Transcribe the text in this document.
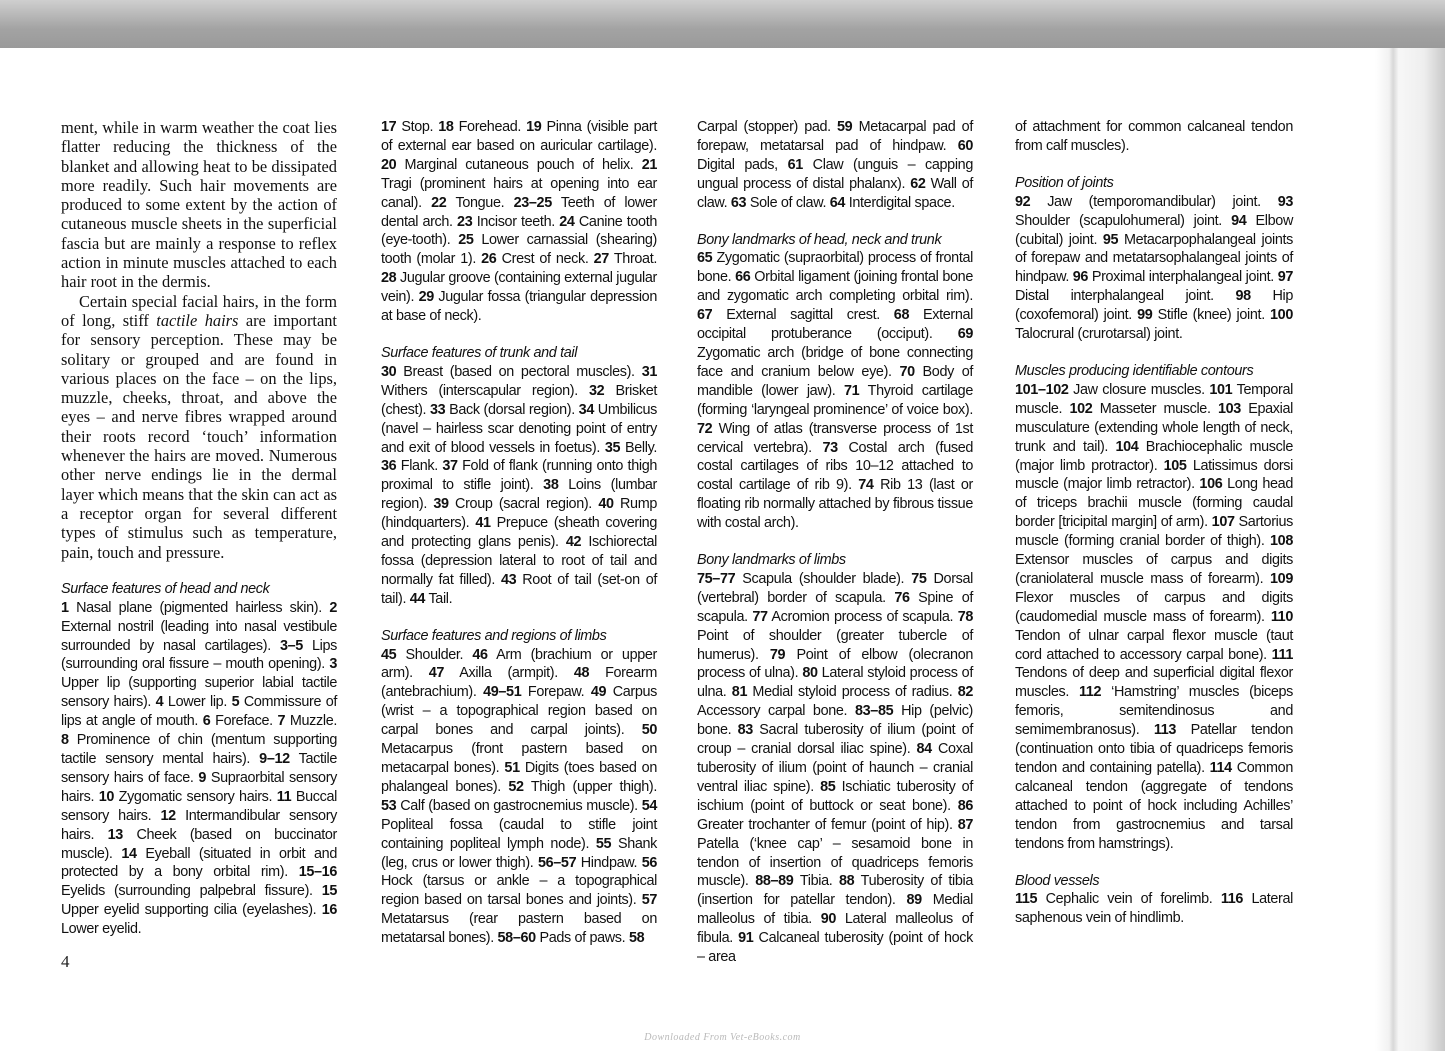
ment, while in warm weather the coat lies flatter reducing the thickness of the blanket and allowing heat to be dissipated more readily. Such hair movements are produced to some extent by the action of cutaneous muscle sheets in the superficial fascia but are mainly a response to reflex action in minute muscles attached to each hair root in the dermis.

Certain special facial hairs, in the form of long, stiff tactile hairs are important for sensory perception. These may be solitary or grouped and are found in various places on the face – on the lips, muzzle, cheeks, throat, and above the eyes – and nerve fibres wrapped around their roots record ‘touch’ information whenever the hairs are moved. Numerous other nerve endings lie in the dermal layer which means that the skin can act as a receptor organ for several different types of stimulus such as temperature, pain, touch and pressure.

Surface features of head and neck

1 Nasal plane (pigmented hairless skin). 2 External nostril (leading into nasal vestibule surrounded by nasal cartilages). 3–5 Lips (surrounding oral fissure – mouth opening). 3 Upper lip (supporting superior labial tactile sensory hairs). 4 Lower lip. 5 Commissure of lips at angle of mouth. 6 Foreface. 7 Muzzle. 8 Prominence of chin (mentum supporting tactile sensory mental hairs). 9–12 Tactile sensory hairs of face. 9 Supraorbital sensory hairs. 10 Zygomatic sensory hairs. 11 Buccal sensory hairs. 12 Intermandibular sensory hairs. 13 Cheek (based on buccinator muscle). 14 Eyeball (situated in orbit and protected by a bony orbital rim). 15–16 Eyelids (surrounding palpebral fissure). 15 Upper eyelid supporting cilia (eyelashes). 16 Lower eyelid.

17 Stop. 18 Forehead. 19 Pinna (visible part of external ear based on auricular cartilage). 20 Marginal cutaneous pouch of helix. 21 Tragi (prominent hairs at opening into ear canal). 22 Tongue. 23–25 Teeth of lower dental arch. 23 Incisor teeth. 24 Canine tooth (eye-tooth). 25 Lower carnassial (shearing) tooth (molar 1). 26 Crest of neck. 27 Throat. 28 Jugular groove (containing external jugular vein). 29 Jugular fossa (triangular depression at base of neck).

Surface features of trunk and tail

30 Breast (based on pectoral muscles). 31 Withers (interscapular region). 32 Brisket (chest). 33 Back (dorsal region). 34 Umbilicus (navel – hairless scar denoting point of entry and exit of blood vessels in foetus). 35 Belly. 36 Flank. 37 Fold of flank (running onto thigh proximal to stifle joint). 38 Loins (lumbar region). 39 Croup (sacral region). 40 Rump (hindquarters). 41 Prepuce (sheath covering and protecting glans penis). 42 Ischiorectal fossa (depression lateral to root of tail and normally fat filled). 43 Root of tail (set-on of tail). 44 Tail.

Surface features and regions of limbs

45 Shoulder. 46 Arm (brachium or upper arm). 47 Axilla (armpit). 48 Forearm (antebrachium). 49–51 Forepaw. 49 Carpus (wrist – a topographical region based on carpal bones and carpal joints). 50 Metacarpus (front pastern based on metacarpal bones). 51 Digits (toes based on phalangeal bones). 52 Thigh (upper thigh). 53 Calf (based on gastrocnemius muscle). 54 Popliteal fossa (caudal to stifle joint containing popliteal lymph node). 55 Shank (leg, crus or lower thigh). 56–57 Hindpaw. 56 Hock (tarsus or ankle – a topographical region based on tarsal bones and joints). 57 Metatarsus (rear pastern based on metatarsal bones). 58–60 Pads of paws. 58

Carpal (stopper) pad. 59 Metacarpal pad of forepaw, metatarsal pad of hindpaw. 60 Digital pads, 61 Claw (unguis – capping ungual process of distal phalanx). 62 Wall of claw. 63 Sole of claw. 64 Interdigital space.

Bony landmarks of head, neck and trunk

65 Zygomatic (supraorbital) process of frontal bone. 66 Orbital ligament (joining frontal bone and zygomatic arch completing orbital rim). 67 External sagittal crest. 68 External occipital protuberance (occiput). 69 Zygomatic arch (bridge of bone connecting face and cranium below eye). 70 Body of mandible (lower jaw). 71 Thyroid cartilage (forming ‘laryngeal prominence’ of voice box). 72 Wing of atlas (transverse process of 1st cervical vertebra). 73 Costal arch (fused costal cartilages of ribs 10–12 attached to costal cartilage of rib 9). 74 Rib 13 (last or floating rib normally attached by fibrous tissue with costal arch).

Bony landmarks of limbs

75–77 Scapula (shoulder blade). 75 Dorsal (vertebral) border of scapula. 76 Spine of scapula. 77 Acromion process of scapula. 78 Point of shoulder (greater tubercle of humerus). 79 Point of elbow (olecranon process of ulna). 80 Lateral styloid process of ulna. 81 Medial styloid process of radius. 82 Accessory carpal bone. 83–85 Hip (pelvic) bone. 83 Sacral tuberosity of ilium (point of croup – cranial dorsal iliac spine). 84 Coxal tuberosity of ilium (point of haunch – cranial ventral iliac spine). 85 Ischiatic tuberosity of ischium (point of buttock or seat bone). 86 Greater trochanter of femur (point of hip). 87 Patella (‘knee cap’ – sesamoid bone in tendon of insertion of quadriceps femoris muscle). 88–89 Tibia. 88 Tuberosity of tibia (insertion for patellar tendon). 89 Medial malleolus of tibia. 90 Lateral malleolus of fibula. 91 Calcaneal tuberosity (point of hock – area

of attachment for common calcaneal tendon from calf muscles).

Position of joints

92 Jaw (temporomandibular) joint. 93 Shoulder (scapulohumeral) joint. 94 Elbow (cubital) joint. 95 Metacarpophalangeal joints of forepaw and metatarsophalangeal joints of hindpaw. 96 Proximal interphalangeal joint. 97 Distal interphalangeal joint. 98 Hip (coxofemoral) joint. 99 Stifle (knee) joint. 100 Talocrural (crurotarsal) joint.

Muscles producing identifiable contours

101–102 Jaw closure muscles. 101 Temporal muscle. 102 Masseter muscle. 103 Epaxial musculature (extending whole length of neck, trunk and tail). 104 Brachiocephalic muscle (major limb protractor). 105 Latissimus dorsi muscle (major limb retractor). 106 Long head of triceps brachii muscle (forming caudal border [tricipital margin] of arm). 107 Sartorius muscle (forming cranial border of thigh). 108 Extensor muscles of carpus and digits (craniolateral muscle mass of forearm). 109 Flexor muscles of carpus and digits (caudomedial muscle mass of forearm). 110 Tendon of ulnar carpal flexor muscle (taut cord attached to accessory carpal bone). 111 Tendons of deep and superficial digital flexor muscles. 112 ‘Hamstring’ muscles (biceps femoris, semitendinosus and semimembranosus). 113 Patellar tendon (continuation onto tibia of quadriceps femoris tendon and containing patella). 114 Common calcaneal tendon (aggregate of tendons attached to point of hock including Achilles’ tendon from gastrocnemius and tarsal tendons from hamstrings).

Blood vessels

115 Cephalic vein of forelimb. 116 Lateral saphenous vein of hindlimb.

4
Downloaded From Vet-eBooks.com
